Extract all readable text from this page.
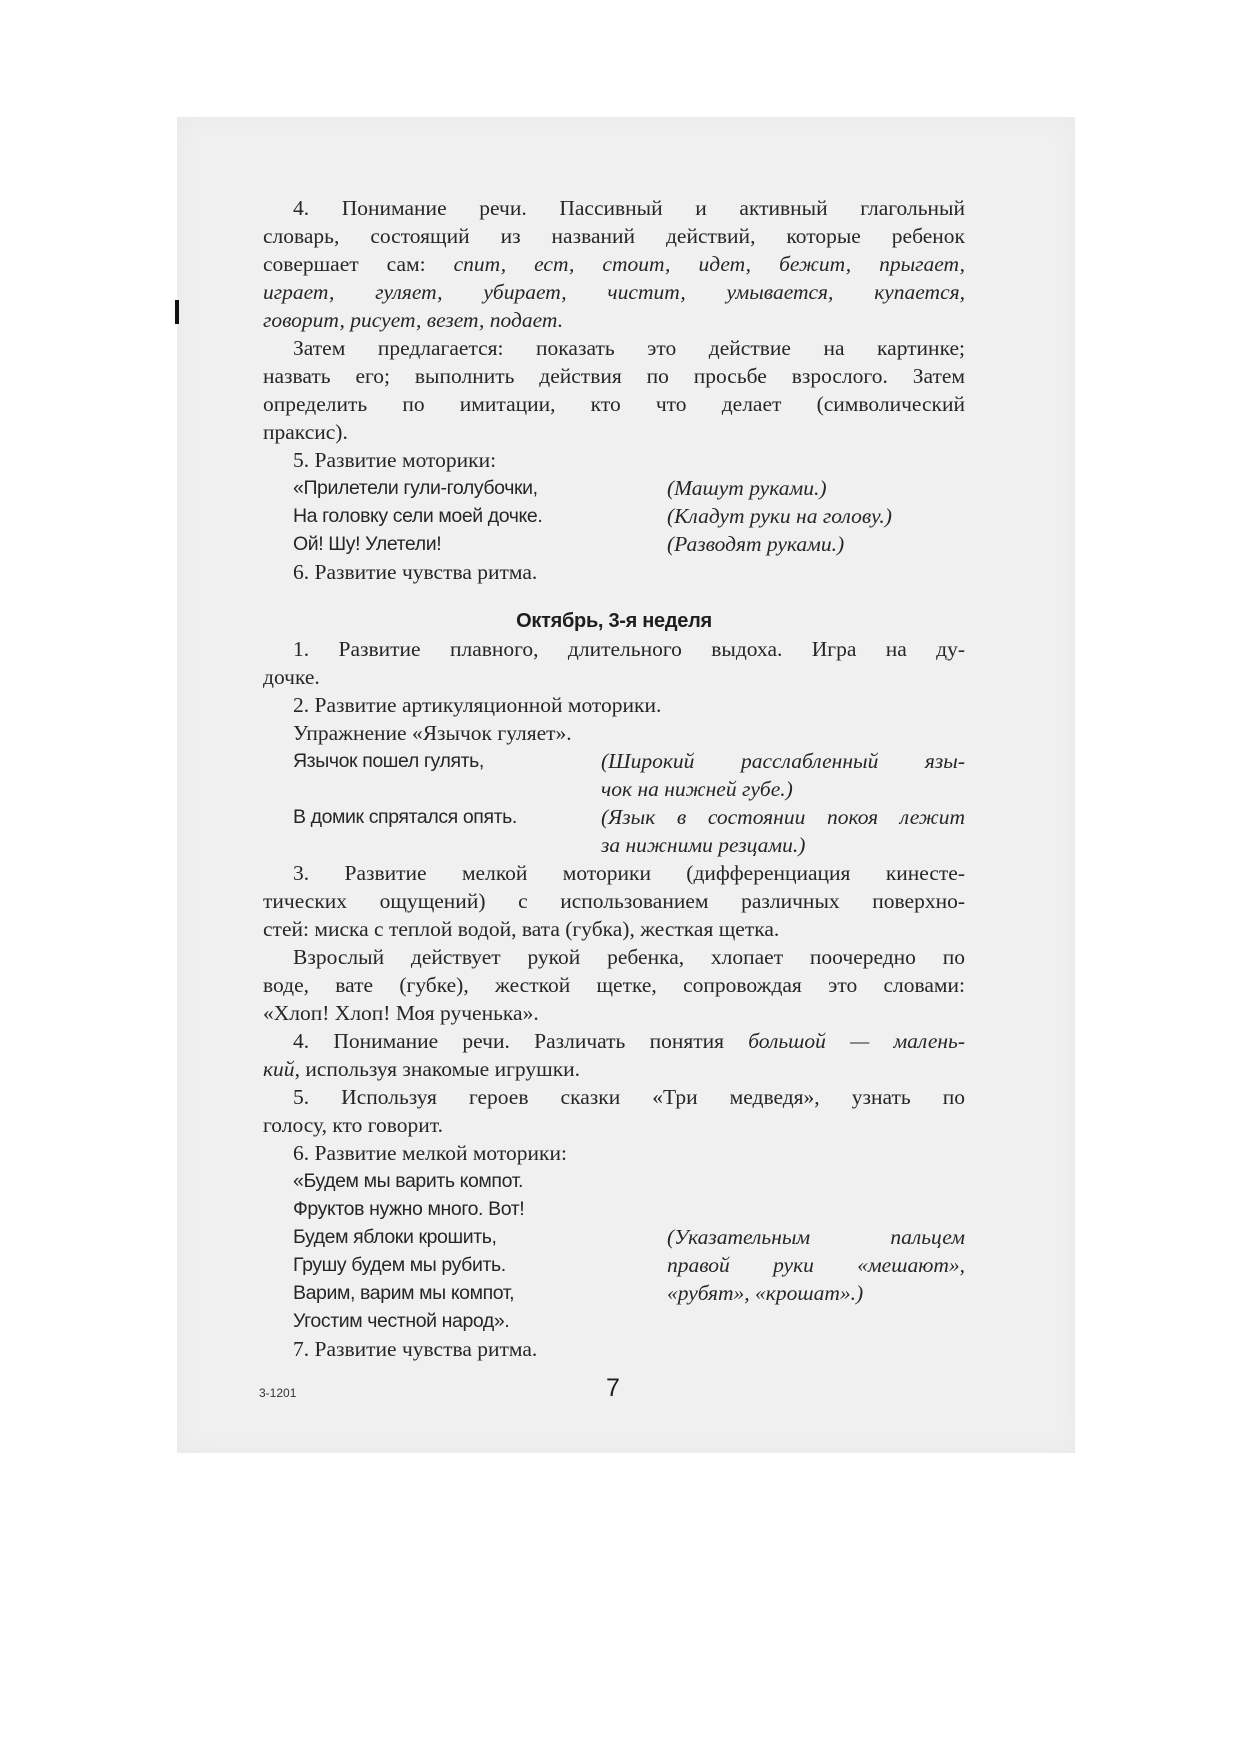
4. Понимание речи. Пассивный и активный глагольный
словарь, состоящий из названий действий, которые ребенок
совершает сам: спит, ест, стоит, идет, бежит, прыгает,
играет, гуляет, убирает, чистит, умывается, купается,
говорит, рисует, везет, подает.
Затем предлагается: показать это действие на картинке;
назвать его; выполнить действия по просьбе взрослого. Затем
определить по имитации, кто что делает (символический
праксис).
5. Развитие моторики:
«Прилетели гули-голубочки,	(Машут руками.)
На головку сели моей дочке.	(Кладут руки на голову.)
Ой! Шу! Улетели!	(Разводят руками.)
6. Развитие чувства ритма.
Октябрь, 3-я неделя
1. Развитие плавного, длительного выдоха. Игра на ду-
дочке.
2. Развитие артикуляционной моторики.
Упражнение «Язычок гуляет».
Язычок пошел гулять,	(Широкий расслабленный язы-
чок на нижней губе.)
В домик спрятался опять.	(Язык в состоянии покоя лежит
за нижними резцами.)
3. Развитие мелкой моторики (дифференциация кинесте-
тических ощущений) с использованием различных поверхно-
стей: миска с теплой водой, вата (губка), жесткая щетка.
Взрослый действует рукой ребенка, хлопает поочередно по
воде, вате (губке), жесткой щетке, сопровождая это словами:
«Хлоп! Хлоп! Моя рученька».
4. Понимание речи. Различать понятия большой — малень-
кий, используя знакомые игрушки.
5. Используя героев сказки «Три медведя», узнать по
голосу, кто говорит.
6. Развитие мелкой моторики:
«Будем мы варить компот.
Фруктов нужно много. Вот!
Будем яблоки крошить,	(Указательным пальцем
Грушу будем мы рубить.	правой руки «мешают»,
Варим, варим мы компот,	«рубят», «крошат».)
Угостим честной народ».
7. Развитие чувства ритма.
7
3-1201
